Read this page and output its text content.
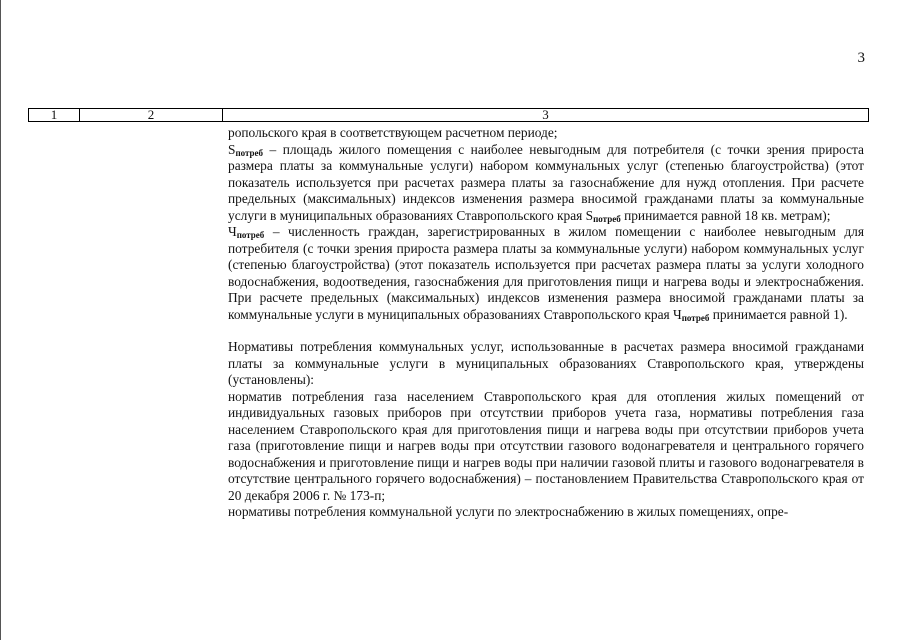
3
1	2	3

ропольского края в соответствующем расчетном периоде;

$S_{потреб}$ – площадь жилого помещения с наиболее невыгодным для потребителя (с точки зрения прироста размера платы за коммунальные услуги) набором коммунальных услуг (степенью благоустройства) (этот показатель используется при расчетах размера платы за газоснабжение для нужд отопления. При расчете предельных (максимальных) индексов изменения размера вносимой гражданами платы за коммунальные услуги в муниципальных образованиях Ставропольского края $S_{потреб}$ принимается равной 18 кв. метрам);

$Ч_{потреб}$ – численность граждан, зарегистрированных в жилом помещении с наиболее невыгодным для потребителя (с точки зрения прироста размера платы за коммунальные услуги) набором коммунальных услуг (степенью благоустройства) (этот показатель используется при расчетах размера платы за услуги холодного водоснабжения, водоотведения, газоснабжения для приготовления пищи и нагрева воды и электроснабжения. При расчете предельных (максимальных) индексов изменения размера вносимой гражданами платы за коммунальные услуги в муниципальных образованиях Ставропольского края $Ч_{потреб}$ принимается равной 1).

Нормативы потребления коммунальных услуг, использованные в расчетах размера вносимой гражданами платы за коммунальные услуги в муниципальных образованиях Ставропольского края, утверждены (установлены):

норматив потребления газа населением Ставропольского края для отопления жилых помещений от индивидуальных газовых приборов при отсутствии приборов учета газа, нормативы потребления газа населением Ставропольского края для приготовления пищи и нагрева воды при отсутствии приборов учета газа (приготовление пищи и нагрев воды при отсутствии газового водонагревателя и центрального горячего водоснабжения и приготовление пищи и нагрев воды при наличии газовой плиты и газового водонагревателя в отсутствие центрального горячего водоснабжения) – постановлением Правительства Ставропольского края от 20 декабря 2006 г. № 173-п;

нормативы потребления коммунальной услуги по электроснабжению в жилых помещениях, опре-
